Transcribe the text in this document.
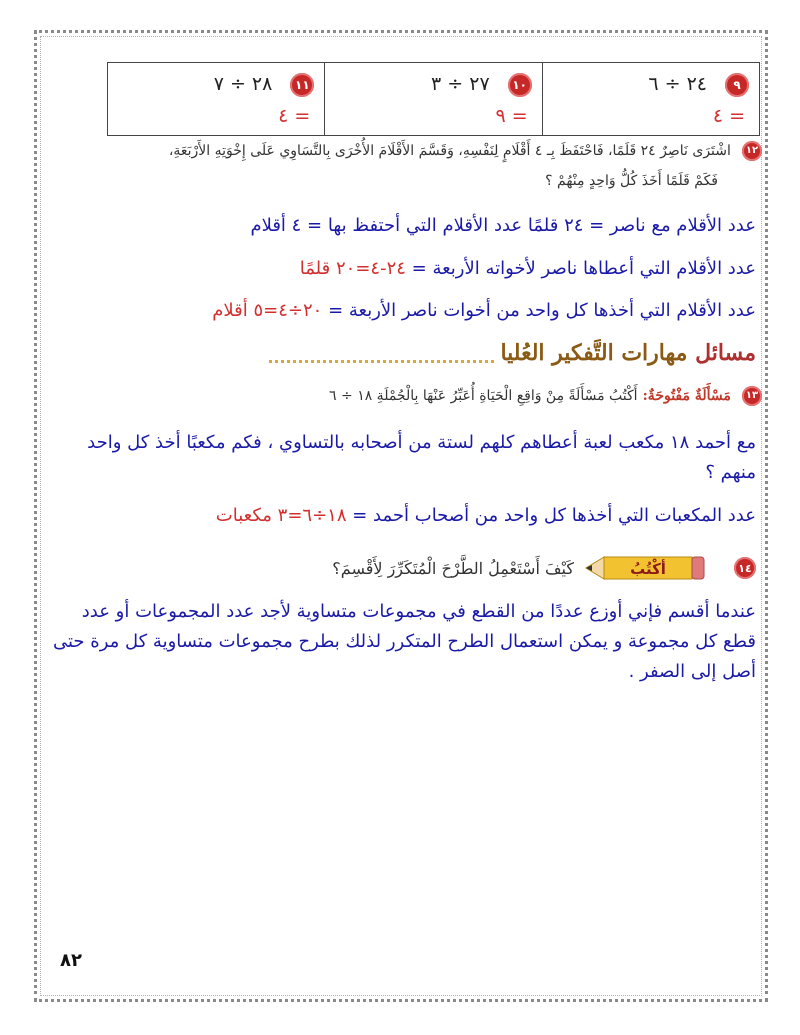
٩
٢٤ ÷ ٦
= ٤
١٠
٢٧ ÷ ٣
= ٩
١١
٢٨ ÷ ٧
= ٤
١٢ اشْتَرَى نَاصِرٌ ٢٤ قَلَمًا، فَاحْتَفَظَ بِـ ٤ أَقْلَامٍ لِنَفْسِهِ، وَقَسَّمَ الأَقْلَامَ الأُخْرَى بِالتَّسَاوِي عَلَى إِخْوَتِهِ الأَرْبَعَةِ،
فَكَمْ قَلَمًا أَخَذَ كُلُّ وَاحِدٍ مِنْهُمْ ؟
عدد الأقلام مع ناصر = ٢٤ قلمًا عدد الأقلام التي أحتفظ بها = ٤ أقلام
عدد الأقلام التي أعطاها ناصر لأخواته الأربعة = ٢٤-٤=٢٠ قلمًا
عدد الأقلام التي أخذها كل واحد من أخوات ناصر الأربعة = ٢٠÷٤=٥ أقلام
مسائل مهارات التَّفكير العُليا
١٣ مَسْأَلَةٌ مَفْتُوحَةٌ: أَكْتُبُ مَسْأَلَةً مِنْ وَاقِعِ الْحَيَاةِ أُعَبِّرُ عَنْهَا بِالْجُمْلَةِ ١٨ ÷ ٦
مع أحمد ١٨ مكعب لعبة أعطاهم كلهم لستة من أصحابه بالتساوي ، فكم مكعبًا أخذ كل واحد منهم ؟
عدد المكعبات التي أخذها كل واحد من أصحاب أحمد = ١٨÷٦=٣ مكعبات
١٤
أكْتُبُ
كَيْفَ أَسْتَعْمِلُ الطَّرْحَ الْمُتَكَرِّرَ لِأَقْسِمَ؟
عندما أقسم فإني أوزع عددًا من القطع في مجموعات متساوية لأجد عدد المجموعات أو عدد قطع كل مجموعة و يمكن استعمال الطرح المتكرر لذلك بطرح مجموعات متساوية كل مرة حتى أصل إلى الصفر .
٨٢
